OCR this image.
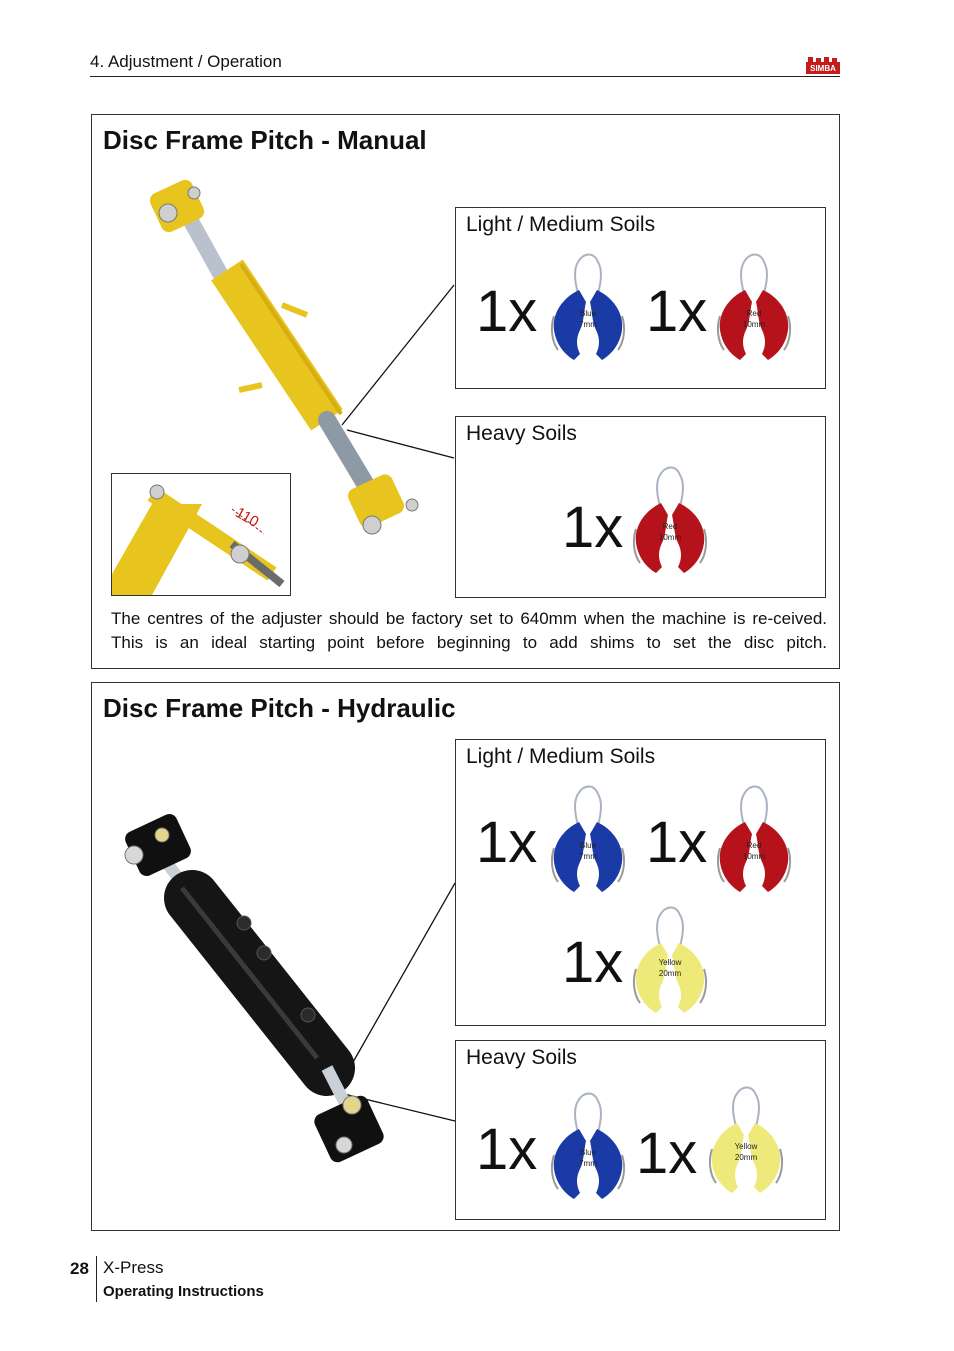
4. Adjustment / Operation	SIMBA
Disc Frame Pitch - Manual
110
Light / Medium Soils
1x	Blue
7mm 1x	Red
10mm
Heavy Soils
1x	Red
10mm
The centres of the adjuster should be factory set to 640mm when the machine is re-ceived. This is an ideal starting point before beginning to add shims to set the disc pitch.
Disc Frame Pitch - Hydraulic
Light / Medium Soils
1x	Blue
7mm 1x	Red
10mm
1x	Yellow
20mm
Heavy Soils
1x	Blue
7mm 1x	Yellow
20mm
28 X-Press
Operating Instructions
